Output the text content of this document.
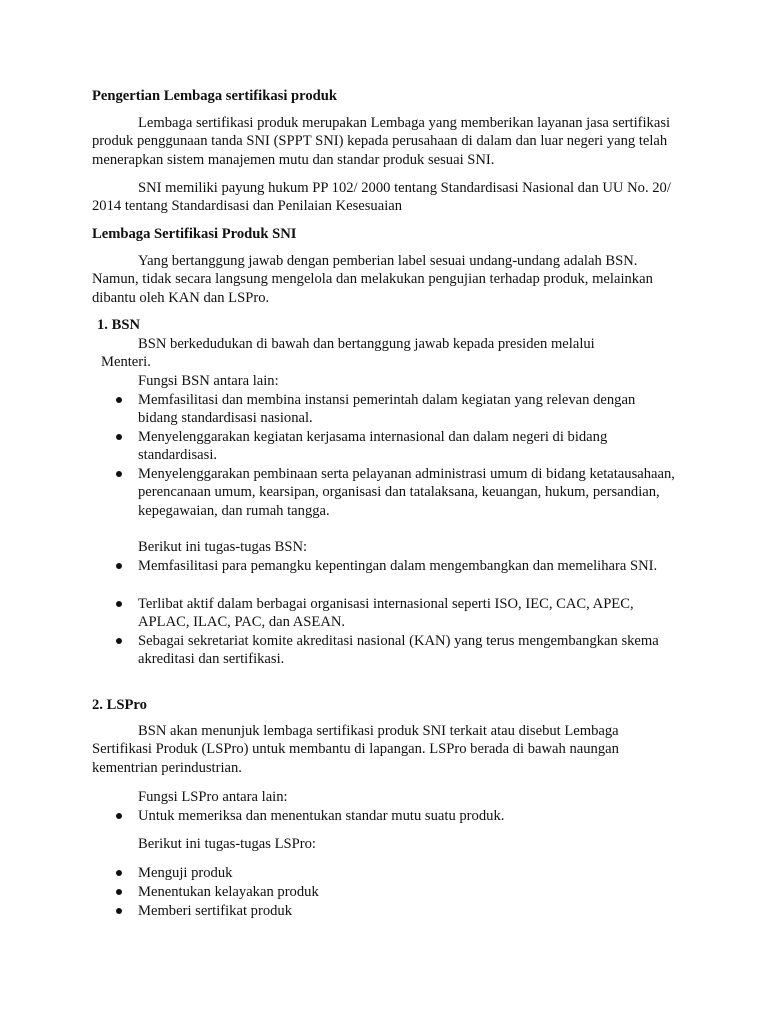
Pengertian Lembaga sertifikasi produk
Lembaga sertifikasi produk merupakan Lembaga yang memberikan layanan jasa sertifikasi produk penggunaan tanda SNI (SPPT SNI) kepada perusahaan di dalam dan luar negeri yang telah menerapkan sistem manajemen mutu dan standar produk sesuai SNI.
SNI memiliki payung hukum PP 102/ 2000 tentang Standardisasi Nasional dan UU No. 20/ 2014 tentang Standardisasi dan Penilaian Kesesuaian
Lembaga Sertifikasi Produk SNI
Yang bertanggung jawab dengan pemberian label sesuai undang-undang adalah BSN. Namun, tidak secara langsung mengelola dan melakukan pengujian terhadap produk, melainkan dibantu oleh KAN dan LSPro.
1. BSN
BSN berkedudukan di bawah dan bertanggung jawab kepada presiden melalui
Menteri.
Fungsi BSN antara lain:
Memfasilitasi dan membina instansi pemerintah dalam kegiatan yang relevan dengan bidang standardisasi nasional.
Menyelenggarakan kegiatan kerjasama internasional dan dalam negeri di bidang standardisasi.
Menyelenggarakan pembinaan serta pelayanan administrasi umum di bidang ketatausahaan, perencanaan umum, kearsipan, organisasi dan tatalaksana, keuangan, hukum, persandian, kepegawaian, dan rumah tangga.
Berikut ini tugas-tugas BSN:
Memfasilitasi para pemangku kepentingan dalam mengembangkan dan memelihara SNI.
Terlibat aktif dalam berbagai organisasi internasional seperti ISO, IEC, CAC, APEC, APLAC, ILAC, PAC, dan ASEAN.
Sebagai sekretariat komite akreditasi nasional (KAN) yang terus mengembangkan skema akreditasi dan sertifikasi.
2. LSPro
BSN akan menunjuk lembaga sertifikasi produk SNI terkait atau disebut Lembaga Sertifikasi Produk (LSPro) untuk membantu di lapangan. LSPro berada di bawah naungan kementrian perindustrian.
Fungsi LSPro antara lain:
Untuk memeriksa dan menentukan standar mutu suatu produk.
Berikut ini tugas-tugas LSPro:
Menguji produk
Menentukan kelayakan produk
Memberi sertifikat produk
